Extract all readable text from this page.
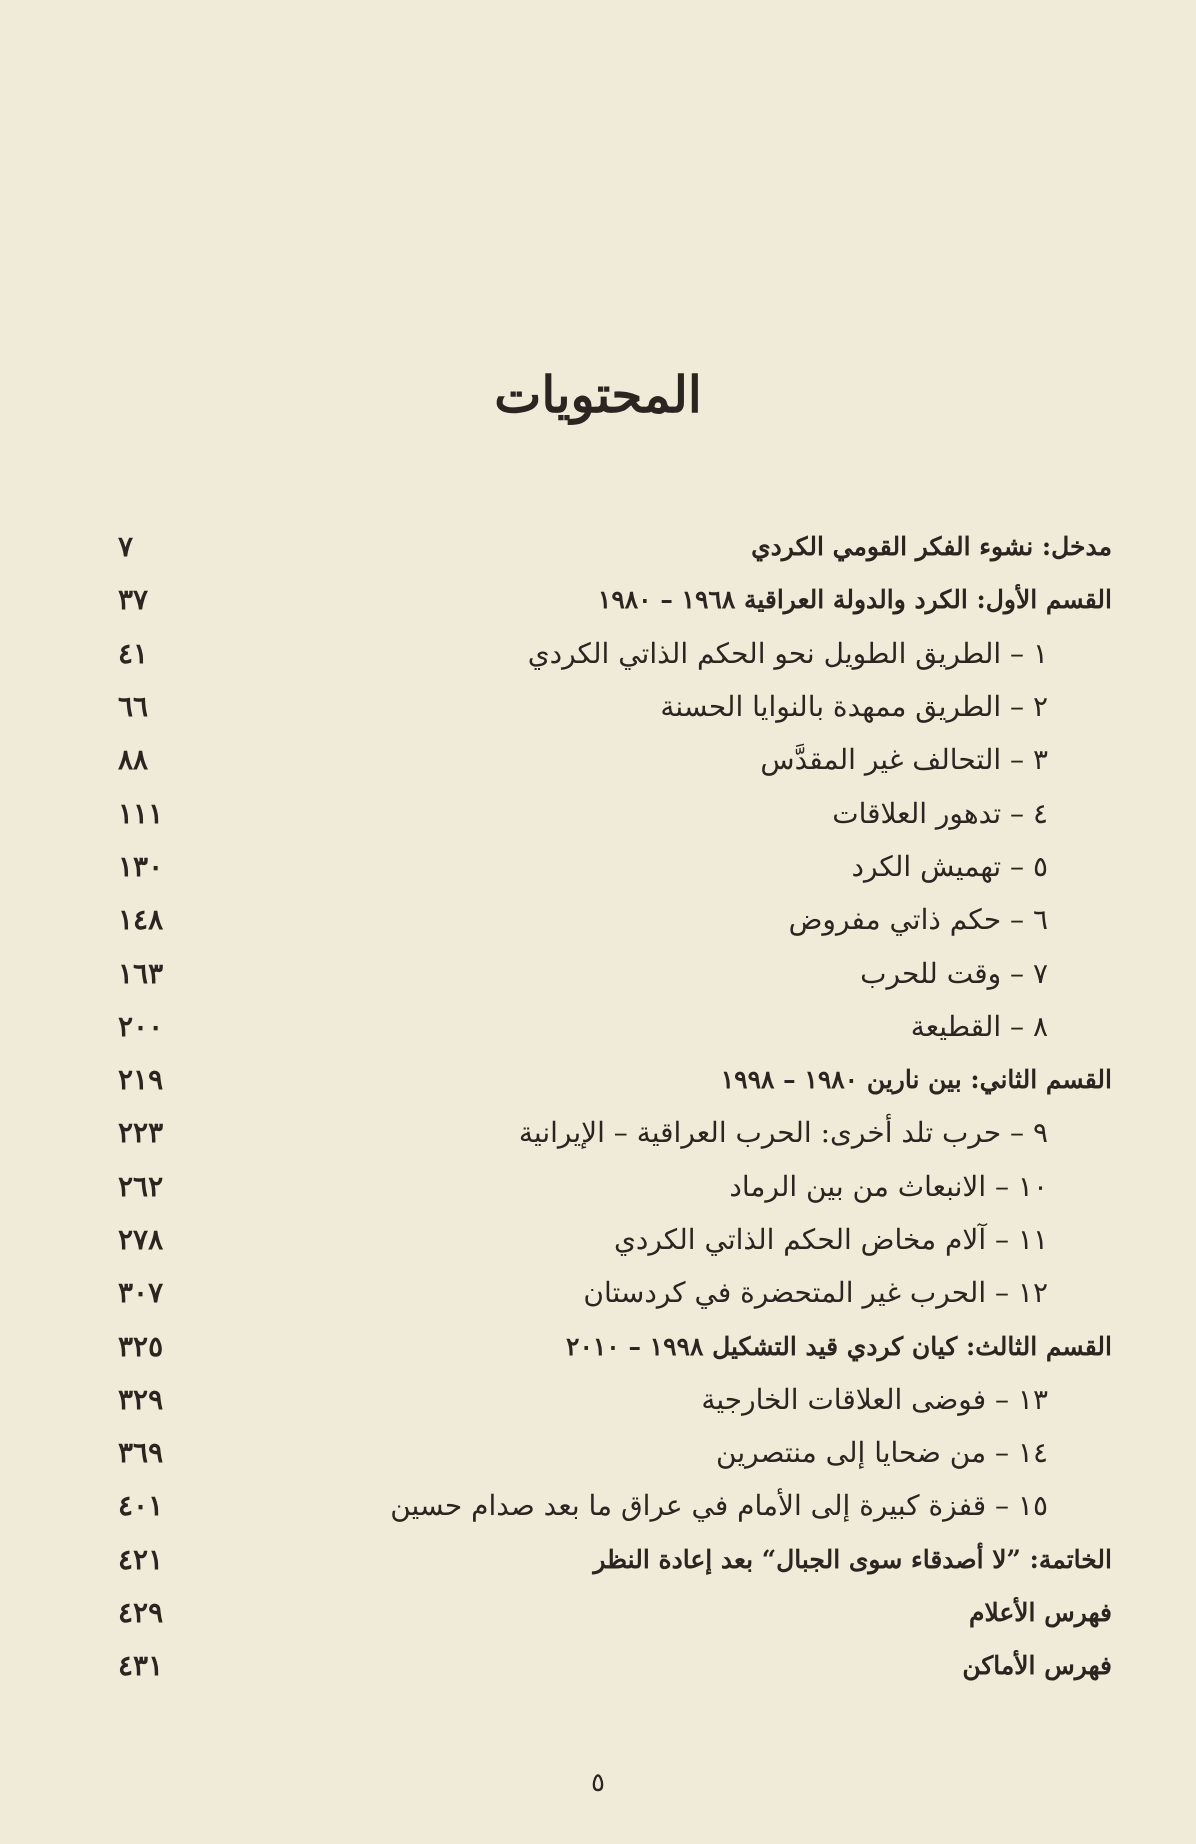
المحتويات
مدخل: نشوء الفكر القومي الكردي
٧
القسم الأول: الكرد والدولة العراقية ١٩٦٨ – ١٩٨٠
٣٧
١ – الطريق الطويل نحو الحكم الذاتي الكردي
٤١
٢ – الطريق ممهدة بالنوايا الحسنة
٦٦
٣ – التحالف غير المقدَّس
٨٨
٤ – تدهور العلاقات
١١١
٥ – تهميش الكرد
١٣٠
٦ – حكم ذاتي مفروض
١٤٨
٧ – وقت للحرب
١٦٣
٨ – القطيعة
٢٠٠
القسم الثاني: بين نارين ١٩٨٠ – ١٩٩٨
٢١٩
٩ – حرب تلد أخرى: الحرب العراقية – الإيرانية
٢٢٣
١٠ – الانبعاث من بين الرماد
٢٦٢
١١ – آلام مخاض الحكم الذاتي الكردي
٢٧٨
١٢ – الحرب غير المتحضرة في كردستان
٣٠٧
القسم الثالث: كيان كردي قيد التشكيل ١٩٩٨ – ٢٠١٠
٣٢٥
١٣ – فوضى العلاقات الخارجية
٣٢٩
١٤ – من ضحايا إلى منتصرين
٣٦٩
١٥ – قفزة كبيرة إلى الأمام في عراق ما بعد صدام حسين
٤٠١
الخاتمة: ”لا أصدقاء سوى الجبال“ بعد إعادة النظر
٤٢١
فهرس الأعلام
٤٢٩
فهرس الأماكن
٤٣١
٥
